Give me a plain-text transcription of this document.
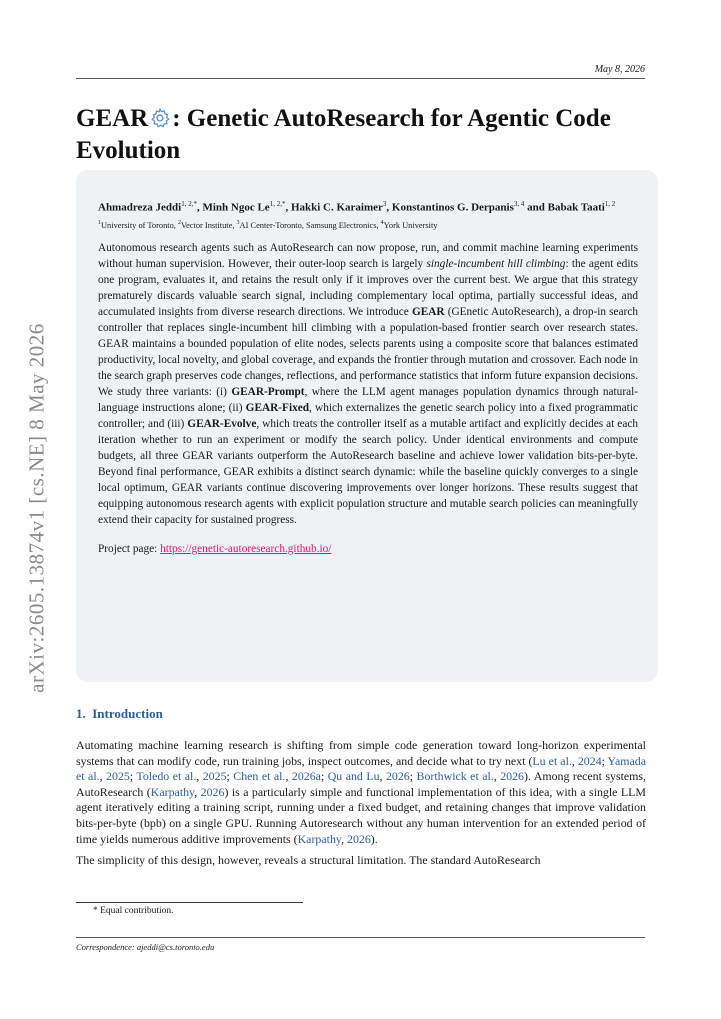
May 8, 2026
arXiv:2605.13874v1 [cs.NE] 8 May 2026
GEAR : Genetic AutoResearch for Agentic Code Evolution
Ahmadreza Jeddi$^{1, 2,*}$, Minh Ngoc $Le^{1, 2,*}$, Hakki C. Karaimer$^3$, Konstantinos G. Derpanis$^{3, 4}$ and Babak Taati$^{1, 2}$
$^1$University of Toronto, $^2$Vector Institute, $^3$AI Center-Toronto, Samsung Electronics, $^4$York University

Autonomous research agents such as AutoResearch can now propose, run, and commit machine learning experiments without human supervision. However, their outer-loop search is largely single-incumbent hill climbing: the agent edits one program, evaluates it, and retains the result only if it improves over the current best. We argue that this strategy prematurely discards valuable search signal, including complementary local optima, partially successful ideas, and accumulated insights from diverse research directions. We introduce GEAR (GEnetic AutoResearch), a drop-in search controller that replaces single-incumbent hill climbing with a population-based frontier search over research states. GEAR maintains a bounded population of elite nodes, selects parents using a composite score that balances estimated productivity, local novelty, and global coverage, and expands the frontier through mutation and crossover. Each node in the search graph preserves code changes, reflections, and performance statistics that inform future expansion decisions. We study three variants: (i) GEAR-Prompt, where the LLM agent manages population dynamics through natural-language instructions alone; (ii) GEAR-Fixed, which externalizes the genetic search policy into a fixed programmatic controller; and (iii) GEAR-Evolve, which treats the controller itself as a mutable artifact and explicitly decides at each iteration whether to run an experiment or modify the search policy. Under identical environments and compute budgets, all three GEAR variants outperform the AutoResearch baseline and achieve lower validation bits-per-byte. Beyond final performance, GEAR exhibits a distinct search dynamic: while the baseline quickly converges to a single local optimum, GEAR variants continue discovering improvements over longer horizons. These results suggest that equipping autonomous research agents with explicit population structure and mutable search policies can meaningfully extend their capacity for sustained progress.

Project page: https://genetic-autoresearch.github.io/

1. Introduction

Automating machine learning research is shifting from simple code generation toward long-horizon experimental systems that can modify code, run training jobs, inspect outcomes, and decide what to try next (Lu et al., 2024; Yamada et al., 2025; Toledo et al., 2025; Chen et al., 2026a; Qu and Lu, 2026; Borthwick et al., 2026). Among recent systems, AutoResearch (Karpathy, 2026) is a particularly simple and functional implementation of this idea, with a single LLM agent iteratively editing a training script, running under a fixed budget, and retaining changes that improve validation bits-per-byte (bpb) on a single GPU. Running Autoresearch without any human intervention for an extended period of time yields numerous additive improvements (Karpathy, 2026).

The simplicity of this design, however, reveals a structural limitation. The standard AutoResearch

* Equal contribution.
Correspondence: ajeddi@cs.toronto.edu
